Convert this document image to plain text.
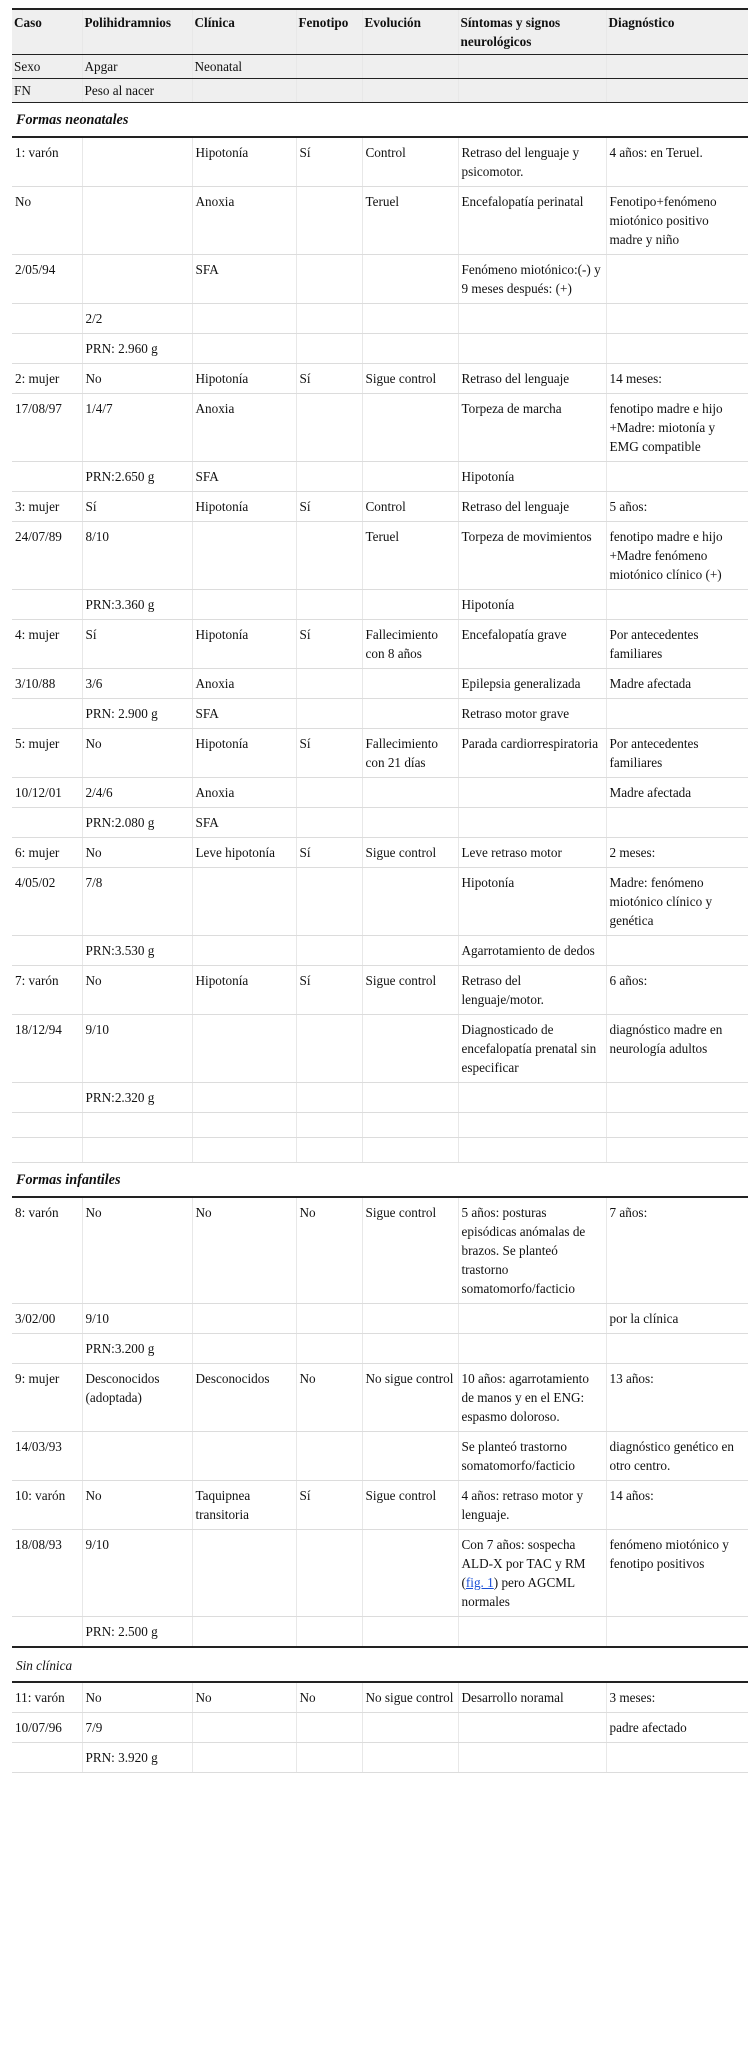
Caso	Polihidramnios	Clínica	Fenotipo	Evolución	Síntomas y signos neurológicos	Diagnóstico
Sexo	Apgar	Neonatal				
FN	Peso al nacer					
Formas neonatales						
1: varón		Hipotonía	Sí	Control	Retraso del lenguaje y psicomotor.	4 años: en Teruel.
No		Anoxia		Teruel	Encefalopatía perinatal	Fenotipo+fenómeno miotónico positivo madre y niño
2/05/94		SFA			Fenómeno miotónico:(-) y 9 meses después: (+)	
	2/2					
	PRN: 2.960 g					
2: mujer	No	Hipotonía	Sí	Sigue control	Retraso del lenguaje	14 meses:
17/08/97	1/4/7	Anoxia			Torpeza de marcha	fenotipo madre e hijo +Madre: miotonía y EMG compatible
	PRN:2.650 g	SFA			Hipotonía	
3: mujer	Sí	Hipotonía	Sí	Control	Retraso del lenguaje	5 años:
24/07/89	8/10			Teruel	Torpeza de movimientos	fenotipo madre e hijo +Madre fenómeno miotónico clínico (+)
	PRN:3.360 g				Hipotonía	
4: mujer	Sí	Hipotonía	Sí	Fallecimiento con 8 años	Encefalopatía grave	Por antecedentes familiares
3/10/88	3/6	Anoxia			Epilepsia generalizada	Madre afectada
	PRN: 2.900 g	SFA			Retraso motor grave	
5: mujer	No	Hipotonía	Sí	Fallecimiento con 21 días	Parada cardiorrespiratoria	Por antecedentes familiares
10/12/01	2/4/6	Anoxia				Madre afectada
	PRN:2.080 g	SFA				
6: mujer	No	Leve hipotonía	Sí	Sigue control	Leve retraso motor	2 meses:
4/05/02	7/8				Hipotonía	Madre: fenómeno miotónico clínico y genética
	PRN:3.530 g				Agarrotamiento de dedos	
7: varón	No	Hipotonía	Sí	Sigue control	Retraso del lenguaje/motor.	6 años:
18/12/94	9/10				Diagnosticado de encefalopatía prenatal sin especificar	diagnóstico madre en neurología adultos
	PRN:2.320 g					

Formas infantiles						
8: varón	No	No	No	Sigue control	5 años: posturas episódicas anómalas de brazos. Se planteó trastorno somatomorfo/facticio	7 años:
3/02/00	9/10					por la clínica
	PRN:3.200 g					
9: mujer	Desconocidos (adoptada)	Desconocidos	No	No sigue control	10 años: agarrotamiento de manos y en el ENG: espasmo doloroso.	13 años:
14/03/93					Se planteó trastorno somatomorfo/facticio	diagnóstico genético en otro centro.
10: varón	No	Taquipnea transitoria	Sí	Sigue control	4 años: retraso motor y lenguaje.	14 años:
18/08/93	9/10				Con 7 años: sospecha ALD-X por TAC y RM (fig. 1) pero AGCML normales	fenómeno miotónico y fenotipo positivos
	PRN: 2.500 g					
Sin clínica						
11: varón	No	No	No	No sigue control	Desarrollo noramal	3 meses:
10/07/96	7/9					padre afectado
	PRN: 3.920 g					
